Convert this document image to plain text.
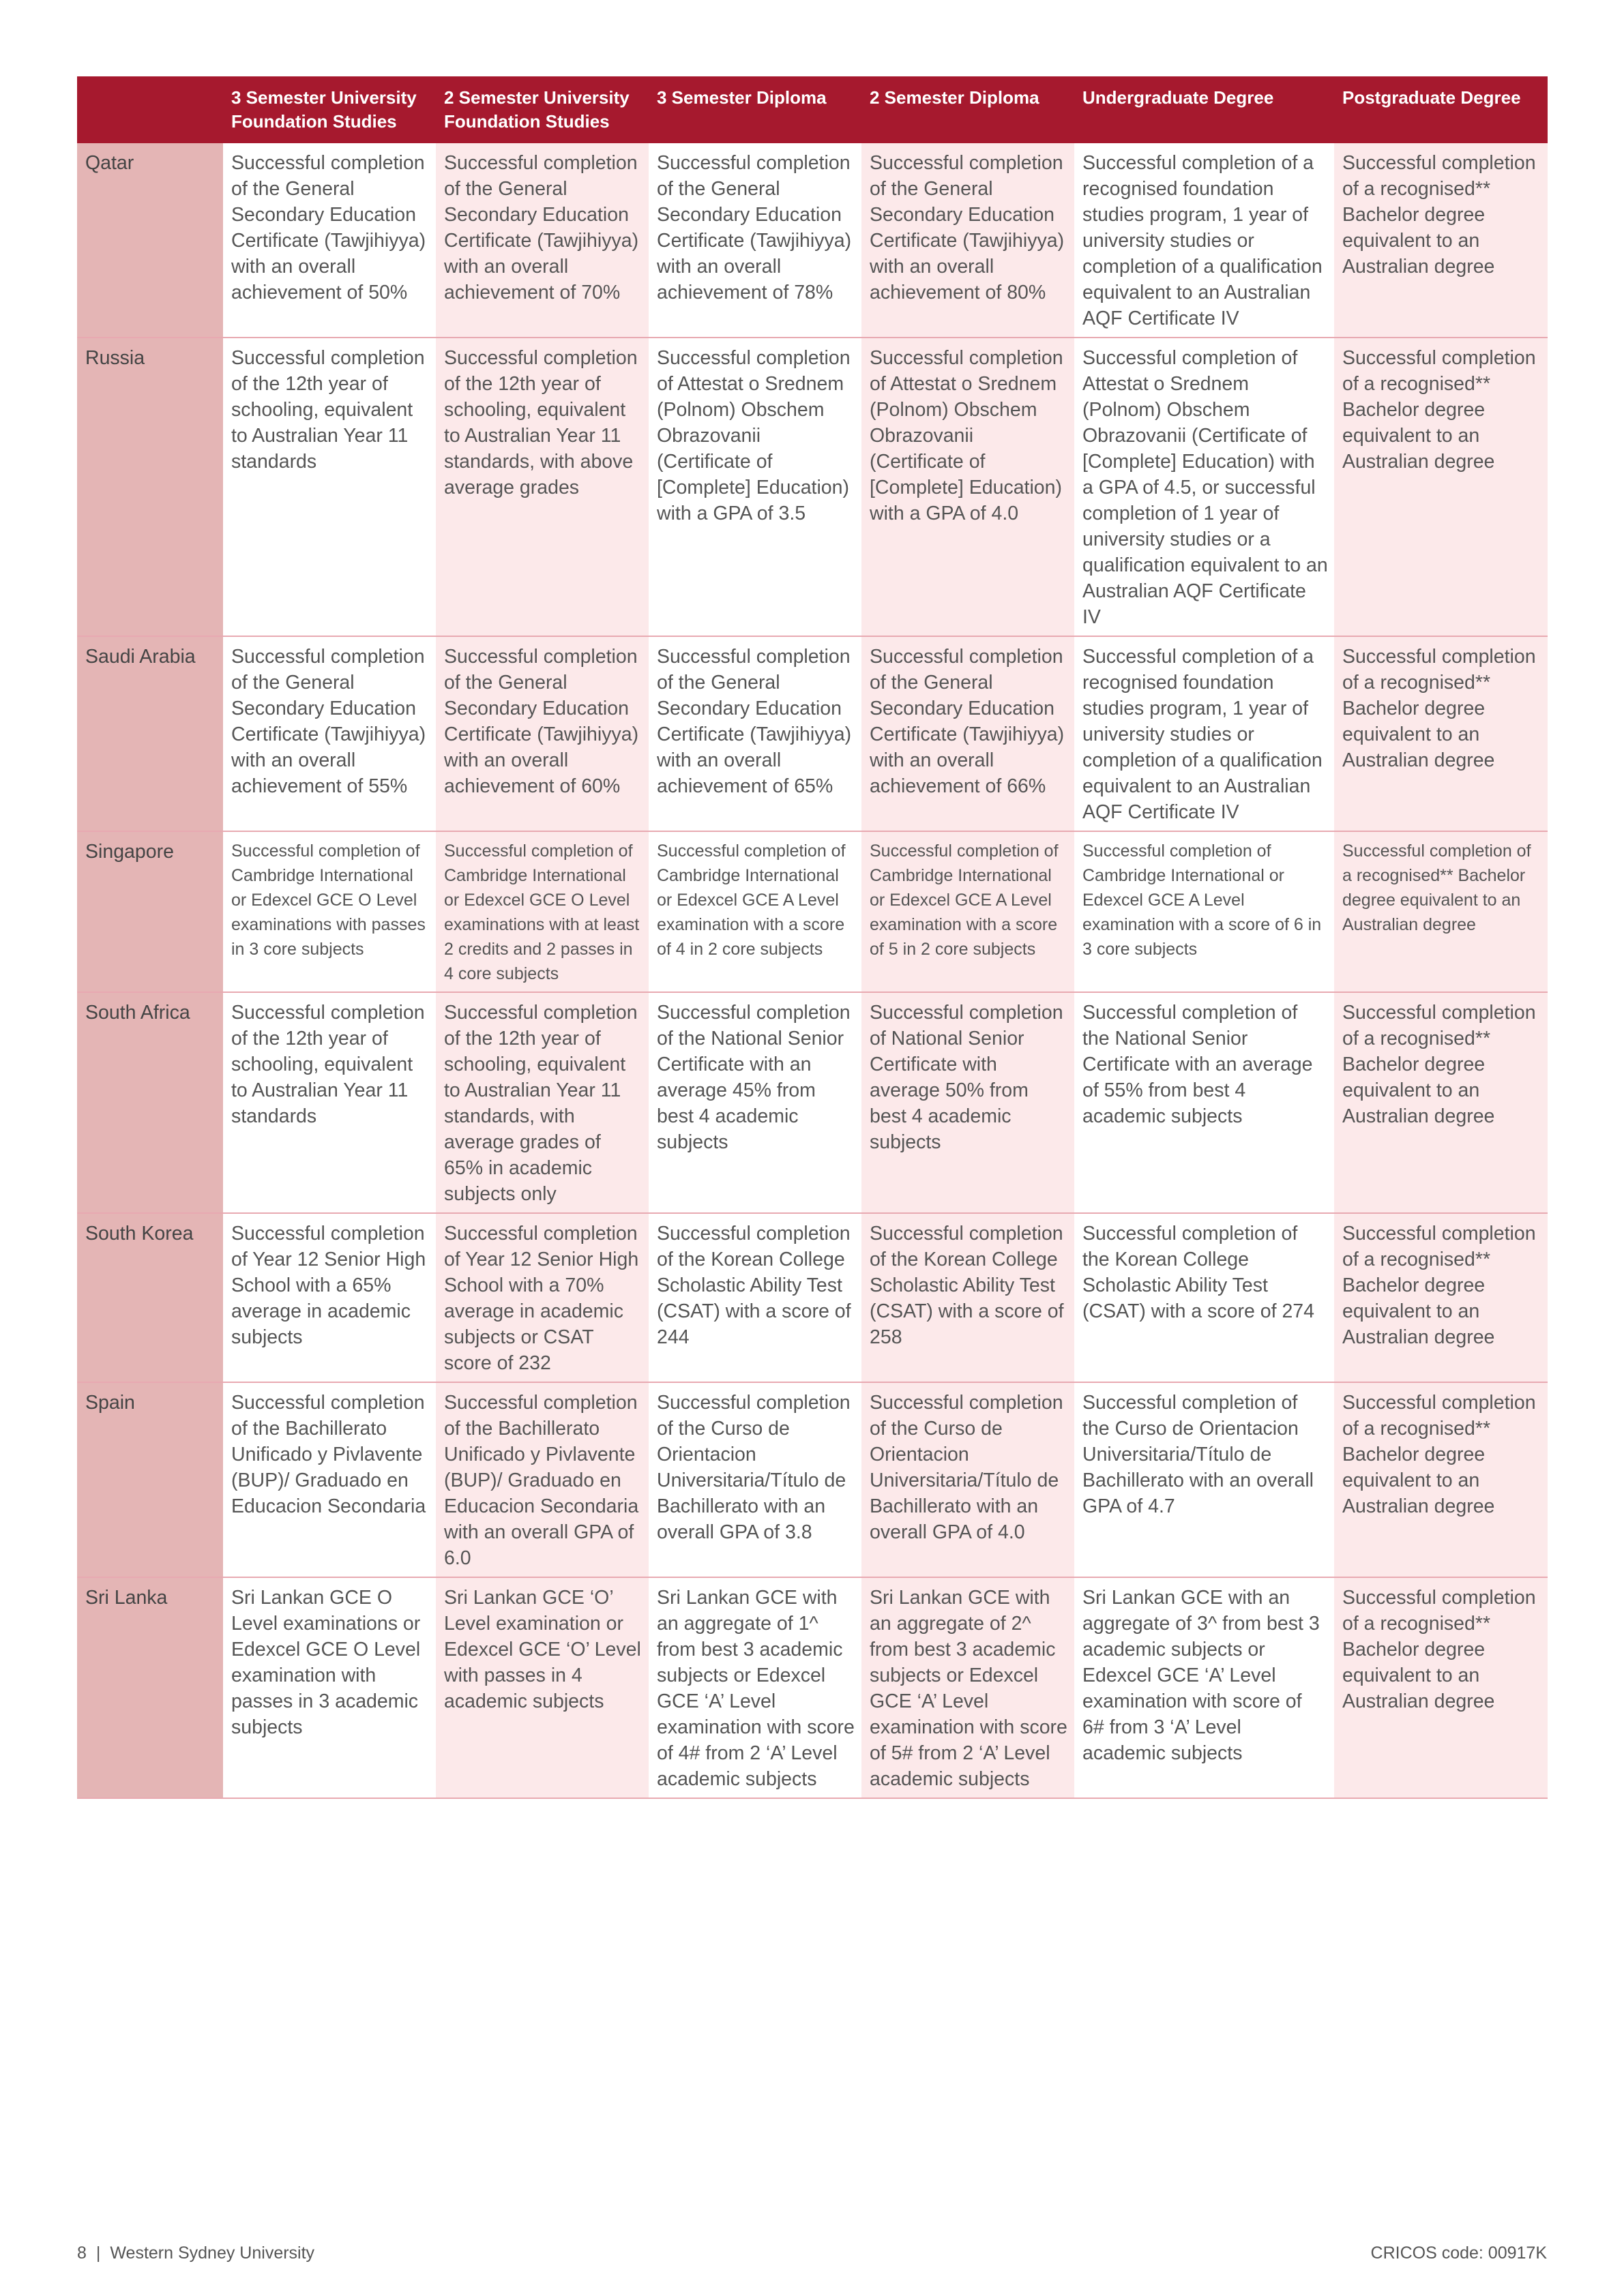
	3 Semester University Foundation Studies	2 Semester University Foundation Studies	3 Semester Diploma	2 Semester Diploma	Undergraduate Degree	Postgraduate Degree
Qatar	Successful completion of the General Secondary Education Certificate (Tawjihiyya) with an overall achievement of 50%	Successful completion of the General Secondary Education Certificate (Tawjihiyya) with an overall achievement of 70%	Successful completion of the General Secondary Education Certificate (Tawjihiyya) with an overall achievement of 78%	Successful completion of the General Secondary Education Certificate (Tawjihiyya) with an overall achievement of 80%	Successful completion of a recognised foundation studies program, 1 year of university studies or completion of a qualification equivalent to an Australian AQF Certificate IV	Successful completion of a recognised** Bachelor degree equivalent to an Australian degree
Russia	Successful completion of the 12th year of schooling, equivalent to Australian Year 11 standards	Successful completion of the 12th year of schooling, equivalent to Australian Year 11 standards, with above average grades	Successful completion of Attestat o Srednem (Polnom) Obschem Obrazovanii (Certificate of [Complete] Education) with a GPA of 3.5	Successful completion of Attestat o Srednem (Polnom) Obschem Obrazovanii (Certificate of [Complete] Education) with a GPA of 4.0	Successful completion of Attestat o Srednem (Polnom) Obschem Obrazovanii (Certificate of [Complete] Education) with a GPA of 4.5, or successful completion of 1 year of university studies or a qualification equivalent to an Australian AQF Certificate IV	Successful completion of a recognised** Bachelor degree equivalent to an Australian degree
Saudi Arabia	Successful completion of the General Secondary Education Certificate (Tawjihiyya) with an overall achievement of 55%	Successful completion of the General Secondary Education Certificate (Tawjihiyya) with an overall achievement of 60%	Successful completion of the General Secondary Education Certificate (Tawjihiyya) with an overall achievement of 65%	Successful completion of the General Secondary Education Certificate (Tawjihiyya) with an overall achievement of 66%	Successful completion of a recognised foundation studies program, 1 year of university studies or completion of a qualification equivalent to an Australian AQF Certificate IV	Successful completion of a recognised** Bachelor degree equivalent to an Australian degree
Singapore	Successful completion of Cambridge International or Edexcel GCE O Level examinations with passes in 3 core subjects	Successful completion of Cambridge International or Edexcel GCE O Level examinations with at least 2 credits and 2 passes in 4 core subjects	Successful completion of Cambridge International or Edexcel GCE A Level examination with a score of 4 in 2 core subjects	Successful completion of Cambridge International or Edexcel GCE A Level examination with a score of 5 in 2 core subjects	Successful completion of Cambridge International or Edexcel GCE A Level examination with a score of 6 in 3 core subjects	Successful completion of a recognised** Bachelor degree equivalent to an Australian degree
South Africa	Successful completion of the 12th year of schooling, equivalent to Australian Year 11 standards	Successful completion of the 12th year of schooling, equivalent to Australian Year 11 standards, with average grades of 65% in academic subjects only	Successful completion of the National Senior Certificate with an average 45% from best 4 academic subjects	Successful completion of National Senior Certificate with average 50% from best 4 academic subjects	Successful completion of the National Senior Certificate with an average of 55% from best 4 academic subjects	Successful completion of a recognised** Bachelor degree equivalent to an Australian degree
South Korea	Successful completion of Year 12 Senior High School with a 65% average in academic subjects	Successful completion of Year 12 Senior High School with a 70% average in academic subjects or CSAT score of 232	Successful completion of the Korean College Scholastic Ability Test (CSAT) with a score of 244	Successful completion of the Korean College Scholastic Ability Test (CSAT) with a score of 258	Successful completion of the Korean College Scholastic Ability Test (CSAT) with a score of 274	Successful completion of a recognised** Bachelor degree equivalent to an Australian degree
Spain	Successful completion of the Bachillerato Unificado y Pivlavente (BUP)/ Graduado en Educacion Secondaria	Successful completion of the Bachillerato Unificado y Pivlavente (BUP)/ Graduado en Educacion Secondaria with an overall GPA of 6.0	Successful completion of the Curso de Orientacion Universitaria/Título de Bachillerato with an overall GPA of 3.8	Successful completion of the Curso de Orientacion Universitaria/Título de Bachillerato with an overall GPA of 4.0	Successful completion of the Curso de Orientacion Universitaria/Título de Bachillerato with an overall GPA of 4.7	Successful completion of a recognised** Bachelor degree equivalent to an Australian degree
Sri Lanka	Sri Lankan GCE O Level examinations or Edexcel GCE O Level examination with passes in 3 academic subjects	Sri Lankan GCE ‘O’ Level examination or Edexcel GCE ‘O’ Level with passes in 4 academic subjects	Sri Lankan GCE with an aggregate of 1^ from best 3 academic subjects or Edexcel GCE ‘A’ Level examination with score of 4# from 2 ‘A’ Level academic subjects	Sri Lankan GCE with an aggregate of 2^ from best 3 academic subjects or Edexcel GCE ‘A’ Level examination with score of 5# from 2 ‘A’ Level academic subjects	Sri Lankan GCE with an aggregate of 3^ from best 3 academic subjects or Edexcel GCE ‘A’ Level examination with score of 6# from 3 ‘A’ Level academic subjects	Successful completion of a recognised** Bachelor degree equivalent to an Australian degree
8 | Western Sydney University	CRICOS code: 00917K
